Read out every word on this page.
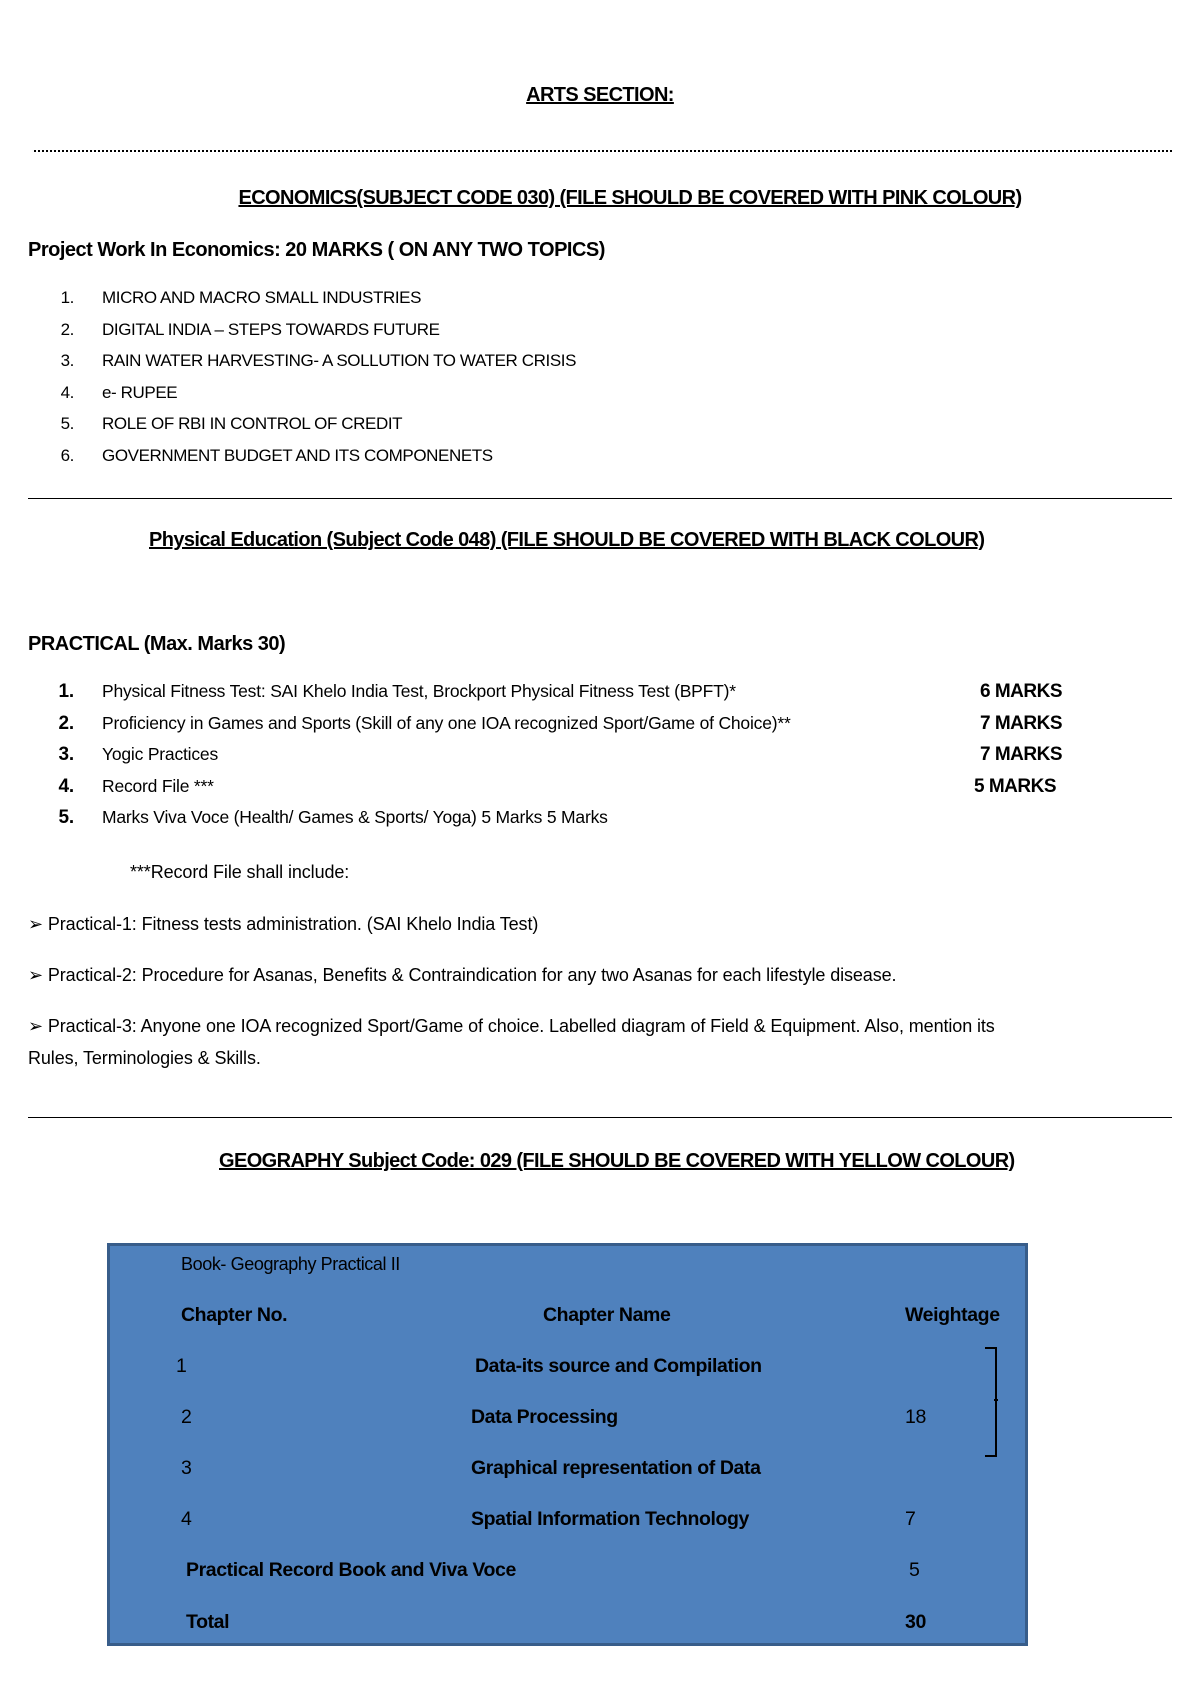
ARTS SECTION:
ECONOMICS(SUBJECT CODE 030) (FILE SHOULD BE COVERED WITH PINK COLOUR)
Project Work In Economics: 20 MARKS ( ON ANY TWO TOPICS)
1.	MICRO AND MACRO SMALL INDUSTRIES
2.	DIGITAL INDIA – STEPS TOWARDS FUTURE
3.	RAIN WATER HARVESTING- A SOLLUTION TO WATER CRISIS
4.	e- RUPEE
5.	ROLE OF RBI IN CONTROL OF CREDIT
6.	GOVERNMENT BUDGET AND ITS COMPONENETS
Physical Education (Subject Code 048) (FILE SHOULD BE COVERED WITH BLACK COLOUR)
PRACTICAL (Max. Marks 30)
1.	Physical Fitness Test: SAI Khelo India Test, Brockport Physical Fitness Test (BPFT)*	6 MARKS
2.	Proficiency in Games and Sports (Skill of any one IOA recognized Sport/Game of Choice)**	7 MARKS
3.	Yogic Practices	7 MARKS
4.	Record File ***	5 MARKS
5.	Marks Viva Voce (Health/ Games & Sports/ Yoga) 5 Marks 5 Marks
***Record File shall include:
➢ Practical-1: Fitness tests administration. (SAI Khelo India Test)
➢ Practical-2: Procedure for Asanas, Benefits & Contraindication for any two Asanas for each lifestyle disease.
➢ Practical-3: Anyone one IOA recognized Sport/Game of choice. Labelled diagram of Field & Equipment. Also, mention its
Rules, Terminologies & Skills.
GEOGRAPHY Subject Code: 029 (FILE SHOULD BE COVERED WITH YELLOW COLOUR)
Book- Geography Practical II
Chapter No.	Chapter Name	Weightage
1	Data-its source and Compilation
2	Data Processing	18
3	Graphical representation of Data
4	Spatial Information Technology	7
Practical Record Book and Viva Voce	5
Total	30
